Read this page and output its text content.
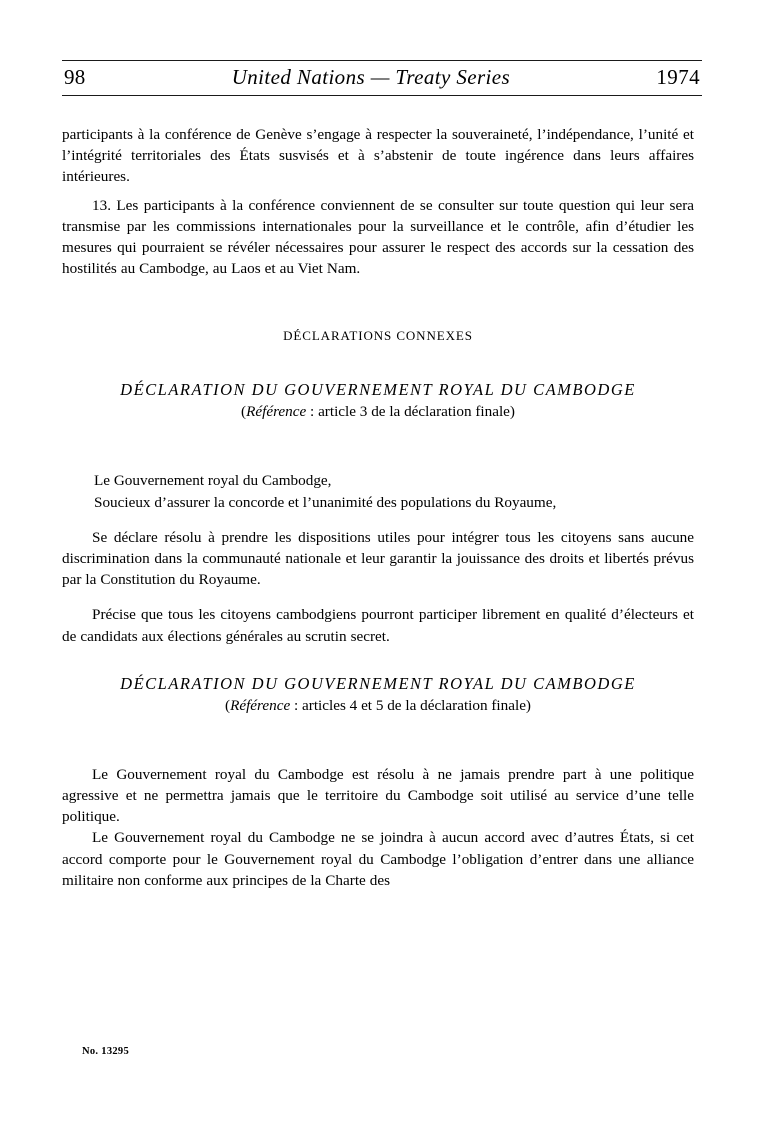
98	United Nations — Treaty Series	1974

participants à la conférence de Genève s’engage à respecter la souveraineté, l’indépendance, l’unité et l’intégrité territoriales des États susvisés et à s’abstenir de toute ingérence dans leurs affaires intérieures.

13. Les participants à la conférence conviennent de se consulter sur toute question qui leur sera transmise par les commissions internationales pour la surveillance et le contrôle, afin d’étudier les mesures qui pourraient se révéler nécessaires pour assurer le respect des accords sur la cessation des hostilités au Cambodge, au Laos et au Viet Nam.

DÉCLARATIONS CONNEXES

DÉCLARATION DU GOUVERNEMENT ROYAL DU CAMBODGE

(Référence : article 3 de la déclaration finale)

Le Gouvernement royal du Cambodge,

Soucieux d’assurer la concorde et l’unanimité des populations du Royaume,

Se déclare résolu à prendre les dispositions utiles pour intégrer tous les citoyens sans aucune discrimination dans la communauté nationale et leur garantir la jouissance des droits et libertés prévus par la Constitution du Royaume.

Précise que tous les citoyens cambodgiens pourront participer librement en qualité d’électeurs et de candidats aux élections générales au scrutin secret.

DÉCLARATION DU GOUVERNEMENT ROYAL DU CAMBODGE

(Référence : articles 4 et 5 de la déclaration finale)

Le Gouvernement royal du Cambodge est résolu à ne jamais prendre part à une politique agressive et ne permettra jamais que le territoire du Cambodge soit utilisé au service d’une telle politique.

Le Gouvernement royal du Cambodge ne se joindra à aucun accord avec d’autres États, si cet accord comporte pour le Gouvernement royal du Cambodge l’obligation d’entrer dans une alliance militaire non conforme aux principes de la Charte des

No. 13295
